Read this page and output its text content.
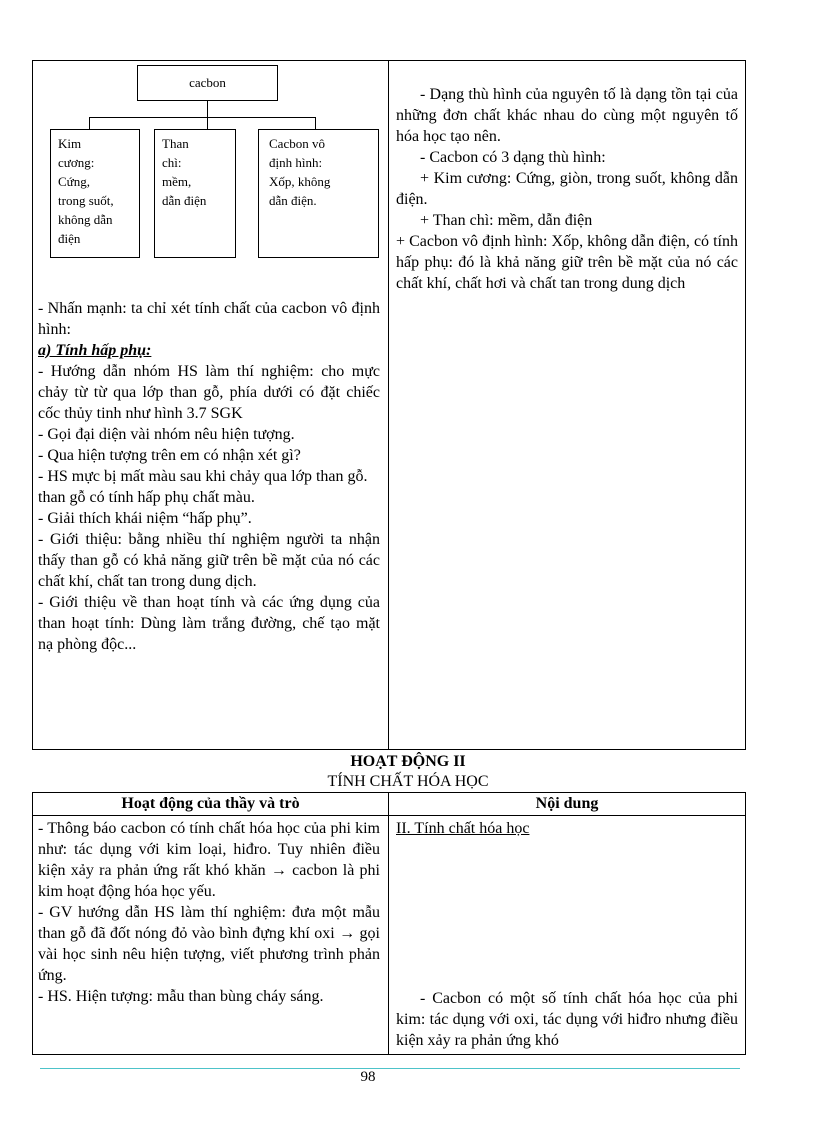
cacbon
Kim
cương:
Cứng,
trong suốt,
không dẫn
điện
Than
chì:
mềm,
dẫn điện
Cacbon vô
định hình:
Xốp, không
dẫn điện.

- Nhấn mạnh: ta chỉ xét tính chất của cacbon vô định hình:

a) Tính hấp phụ:

- Hướng dẫn nhóm HS làm thí nghiệm: cho mực chảy từ từ qua lớp than gỗ, phía dưới có đặt chiếc cốc thủy tinh như hình 3.7 SGK

- Gọi đại diện vài nhóm nêu hiện tượng.

- Qua hiện tượng trên em có nhận xét gì?

- HS mực bị mất màu sau khi chảy qua lớp than gỗ.

than gỗ có tính hấp phụ chất màu.

- Giải thích khái niệm “hấp phụ”.

- Giới thiệu: bằng nhiều thí nghiệm người ta nhận thấy than gỗ có khả năng giữ trên bề mặt của nó các chất khí, chất tan trong dung dịch.

- Giới thiệu về than hoạt tính và các ứng dụng của than hoạt tính: Dùng làm trắng đường, chế tạo mặt nạ phòng độc...

- Dạng thù hình của nguyên tố là dạng tồn tại của những đơn chất khác nhau do cùng một nguyên tố hóa học tạo nên.

- Cacbon có 3 dạng thù hình:

+ Kim cương: Cứng, giòn, trong suốt, không dẫn điện.

+ Than chì: mềm, dẫn điện

+ Cacbon vô định hình: Xốp, không dẫn điện, có tính hấp phụ: đó là khả năng giữ trên bề mặt của nó các chất khí, chất hơi và chất tan trong dung dịch

HOẠT ĐỘNG II
TÍNH CHẤT HÓA HỌC
Hoạt động của thầy và trò	Nội dung

- Thông báo cacbon có tính chất hóa học của phi kim như: tác dụng với kim loại, hiđro. Tuy nhiên điều kiện xảy ra phản ứng rất khó khăn → cacbon là phi kim hoạt động hóa học yếu.

- GV hướng dẫn HS làm thí nghiệm: đưa một mẫu than gỗ đã đốt nóng đỏ vào bình đựng khí oxi → gọi vài học sinh nêu hiện tượng, viết phương trình phản ứng.

- HS. Hiện tượng: mẫu than bùng cháy sáng.

II. Tính chất hóa học

- Cacbon có một số tính chất hóa học của phi kim: tác dụng với oxi, tác dụng với hiđro nhưng điều kiện xảy ra phản ứng khó

98
